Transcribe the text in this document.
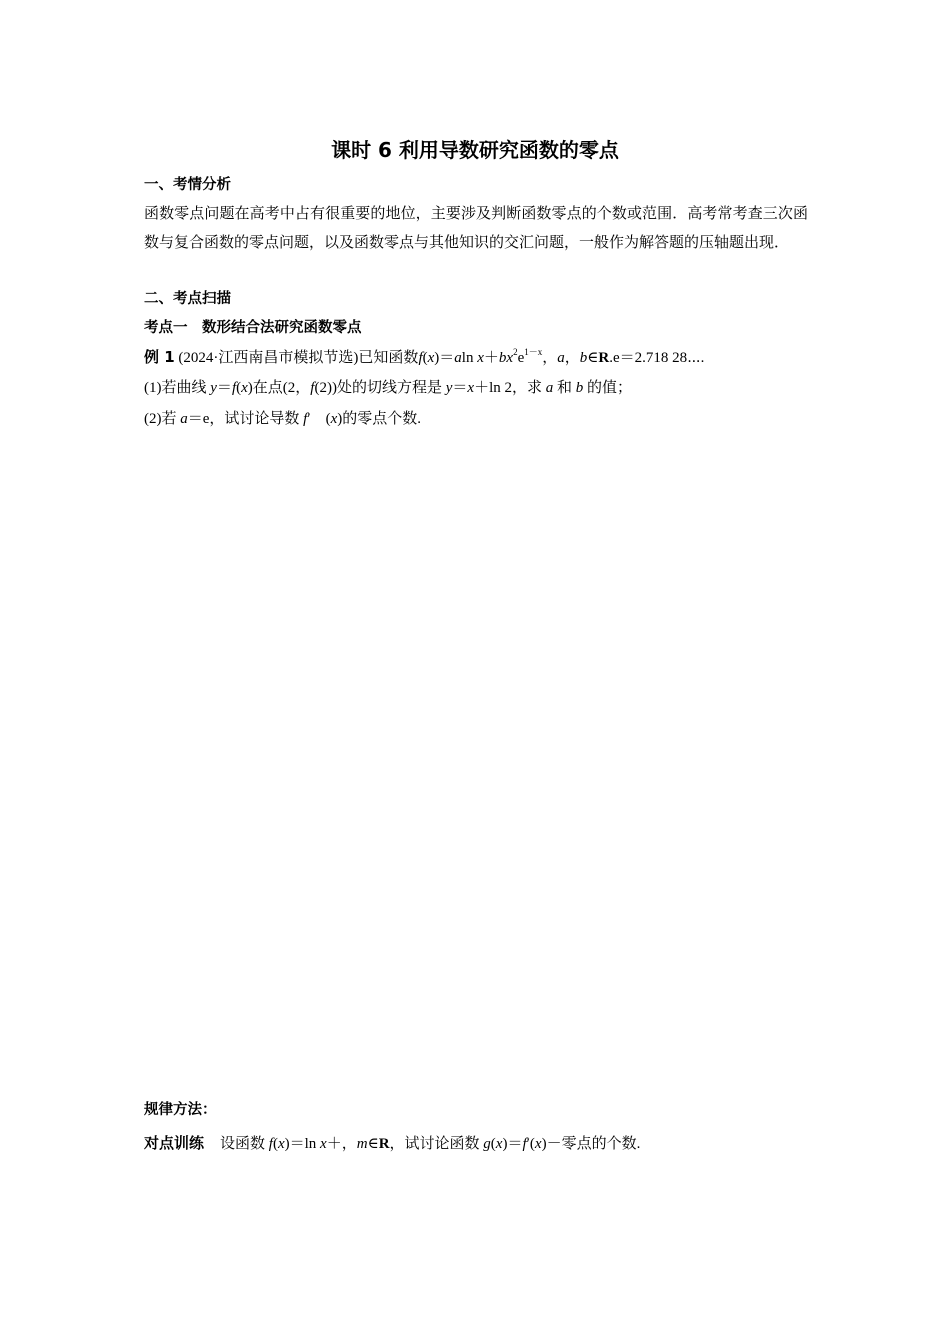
课时 6 利用导数研究函数的零点
一、考情分析

函数零点问题在高考中占有很重要的地位，主要涉及判断函数零点的个数或范围．高考常考查三次函数与复合函数的零点问题，以及函数零点与其他知识的交汇问题，一般作为解答题的压轴题出现．

二、考点扫描
考点一　数形结合法研究函数零点
例 1 (2024·江西南昌市模拟节选)已知函数f(x)＝aln $x+bx^2e^{1-x}$，a，b∈R.e＝2.718 28⋯.
(1)若曲线 y＝f(x)在点(2，f(2))处的切线方程是 y＝x＋ln 2，求 a 和 b 的值；
(2)若 a＝e，试讨论导数 f′　(x)的零点个数.
规律方法：
对点训练 设函数 f(x)＝ln x＋，m∈R，试讨论函数 g(x)＝f′(x)－零点的个数.
